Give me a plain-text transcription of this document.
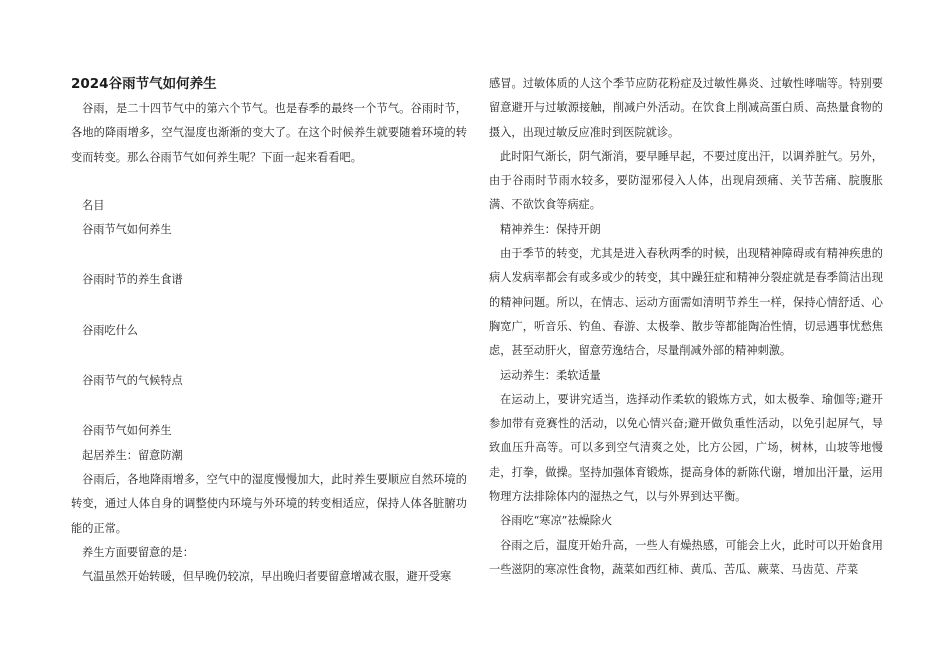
2024谷雨节气如何养生

谷雨，是二十四节气中的第六个节气。也是春季的最终一个节气。谷雨时节，各地的降雨增多，空气湿度也渐渐的变大了。在这个时候养生就要随着环境的转变而转变。那么谷雨节气如何养生呢？下面一起来看看吧。

名目

谷雨节气如何养生

谷雨时节的养生食谱

谷雨吃什么

谷雨节气的气候特点

谷雨节气如何养生

起居养生：留意防潮

谷雨后，各地降雨增多，空气中的湿度慢慢加大，此时养生要顺应自然环境的转变，通过人体自身的调整使内环境与外环境的转变相适应，保持人体各脏腑功能的正常。

养生方面要留意的是：

气温虽然开始转暖，但早晚仍较凉，早出晚归者要留意增减衣服，避开受寒

感冒。过敏体质的人这个季节应防花粉症及过敏性鼻炎、过敏性哮喘等。特别要留意避开与过敏源接触，削减户外活动。在饮食上削减高蛋白质、高热量食物的摄入，出现过敏反应准时到医院就诊。

此时阳气渐长，阴气渐消，要早睡早起，不要过度出汗，以调养脏气。另外，由于谷雨时节雨水较多，要防湿邪侵入人体，出现肩颈痛、关节苦痛、脘腹胀满、不欲饮食等病症。

精神养生：保持开朗

由于季节的转变，尤其是进入春秋两季的时候，出现精神障碍或有精神疾患的病人发病率都会有或多或少的转变，其中躁狂症和精神分裂症就是春季简洁出现的精神问题。所以，在情志、运动方面需如清明节养生一样，保持心情舒适、心胸宽广，听音乐、钓鱼、春游、太极拳、散步等都能陶冶性情，切忌遇事忧愁焦虑，甚至动肝火，留意劳逸结合，尽量削减外部的精神刺激。

运动养生：柔软适量

在运动上，要讲究适当，选择动作柔软的锻炼方式，如太极拳、瑜伽等;避开参加带有竞赛性的活动，以免心情兴奋;避开做负重性活动，以免引起屏气，导致血压升高等。可以多到空气清爽之处，比方公园，广场，树林，山坡等地慢走，打拳，做操。坚持加强体育锻炼，提高身体的新陈代谢，增加出汗量，运用物理方法排除体内的湿热之气，以与外界到达平衡。

谷雨吃“寒凉”祛燥除火

谷雨之后，温度开始升高，一些人有燥热感，可能会上火，此时可以开始食用一些滋阴的寒凉性食物，蔬菜如西红柿、黄瓜、苦瓜、蕨菜、马齿苋、芹菜
